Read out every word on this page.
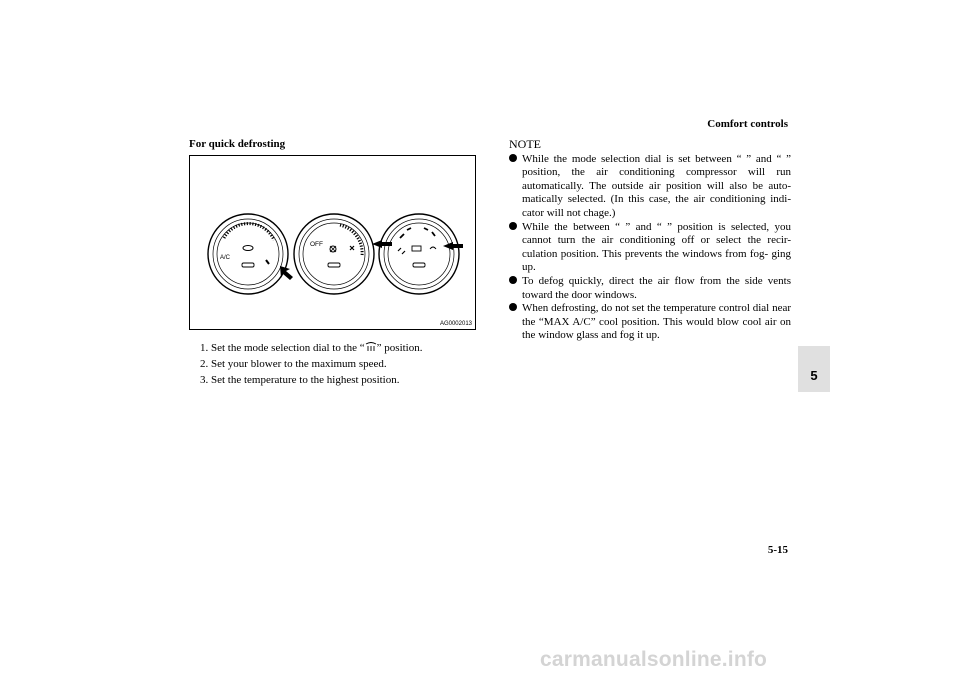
Comfort controls
For quick defrosting
A/C
OFF
AG0002013
1. Set the mode selection dial to the “ ” position.
2. Set your blower to the maximum speed.
3. Set the temperature to the highest position.
NOTE
While the mode selection dial is set between “ ” and “ ” position, the air conditioning compressor will run automatically. The outside air position will also be auto- matically selected. (In this case, the air conditioning indi- cator will not chage.)
While the between “ ” and “ ” position is selected, you cannot turn the air conditioning off or select the recir- culation position. This prevents the windows from fog- ging up.
To defog quickly, direct the air flow from the side vents toward the door windows.
When defrosting, do not set the temperature control dial near the “MAX A/C” cool position. This would blow cool air on the window glass and fog it up.
5
5-15
carmanualsonline.info
